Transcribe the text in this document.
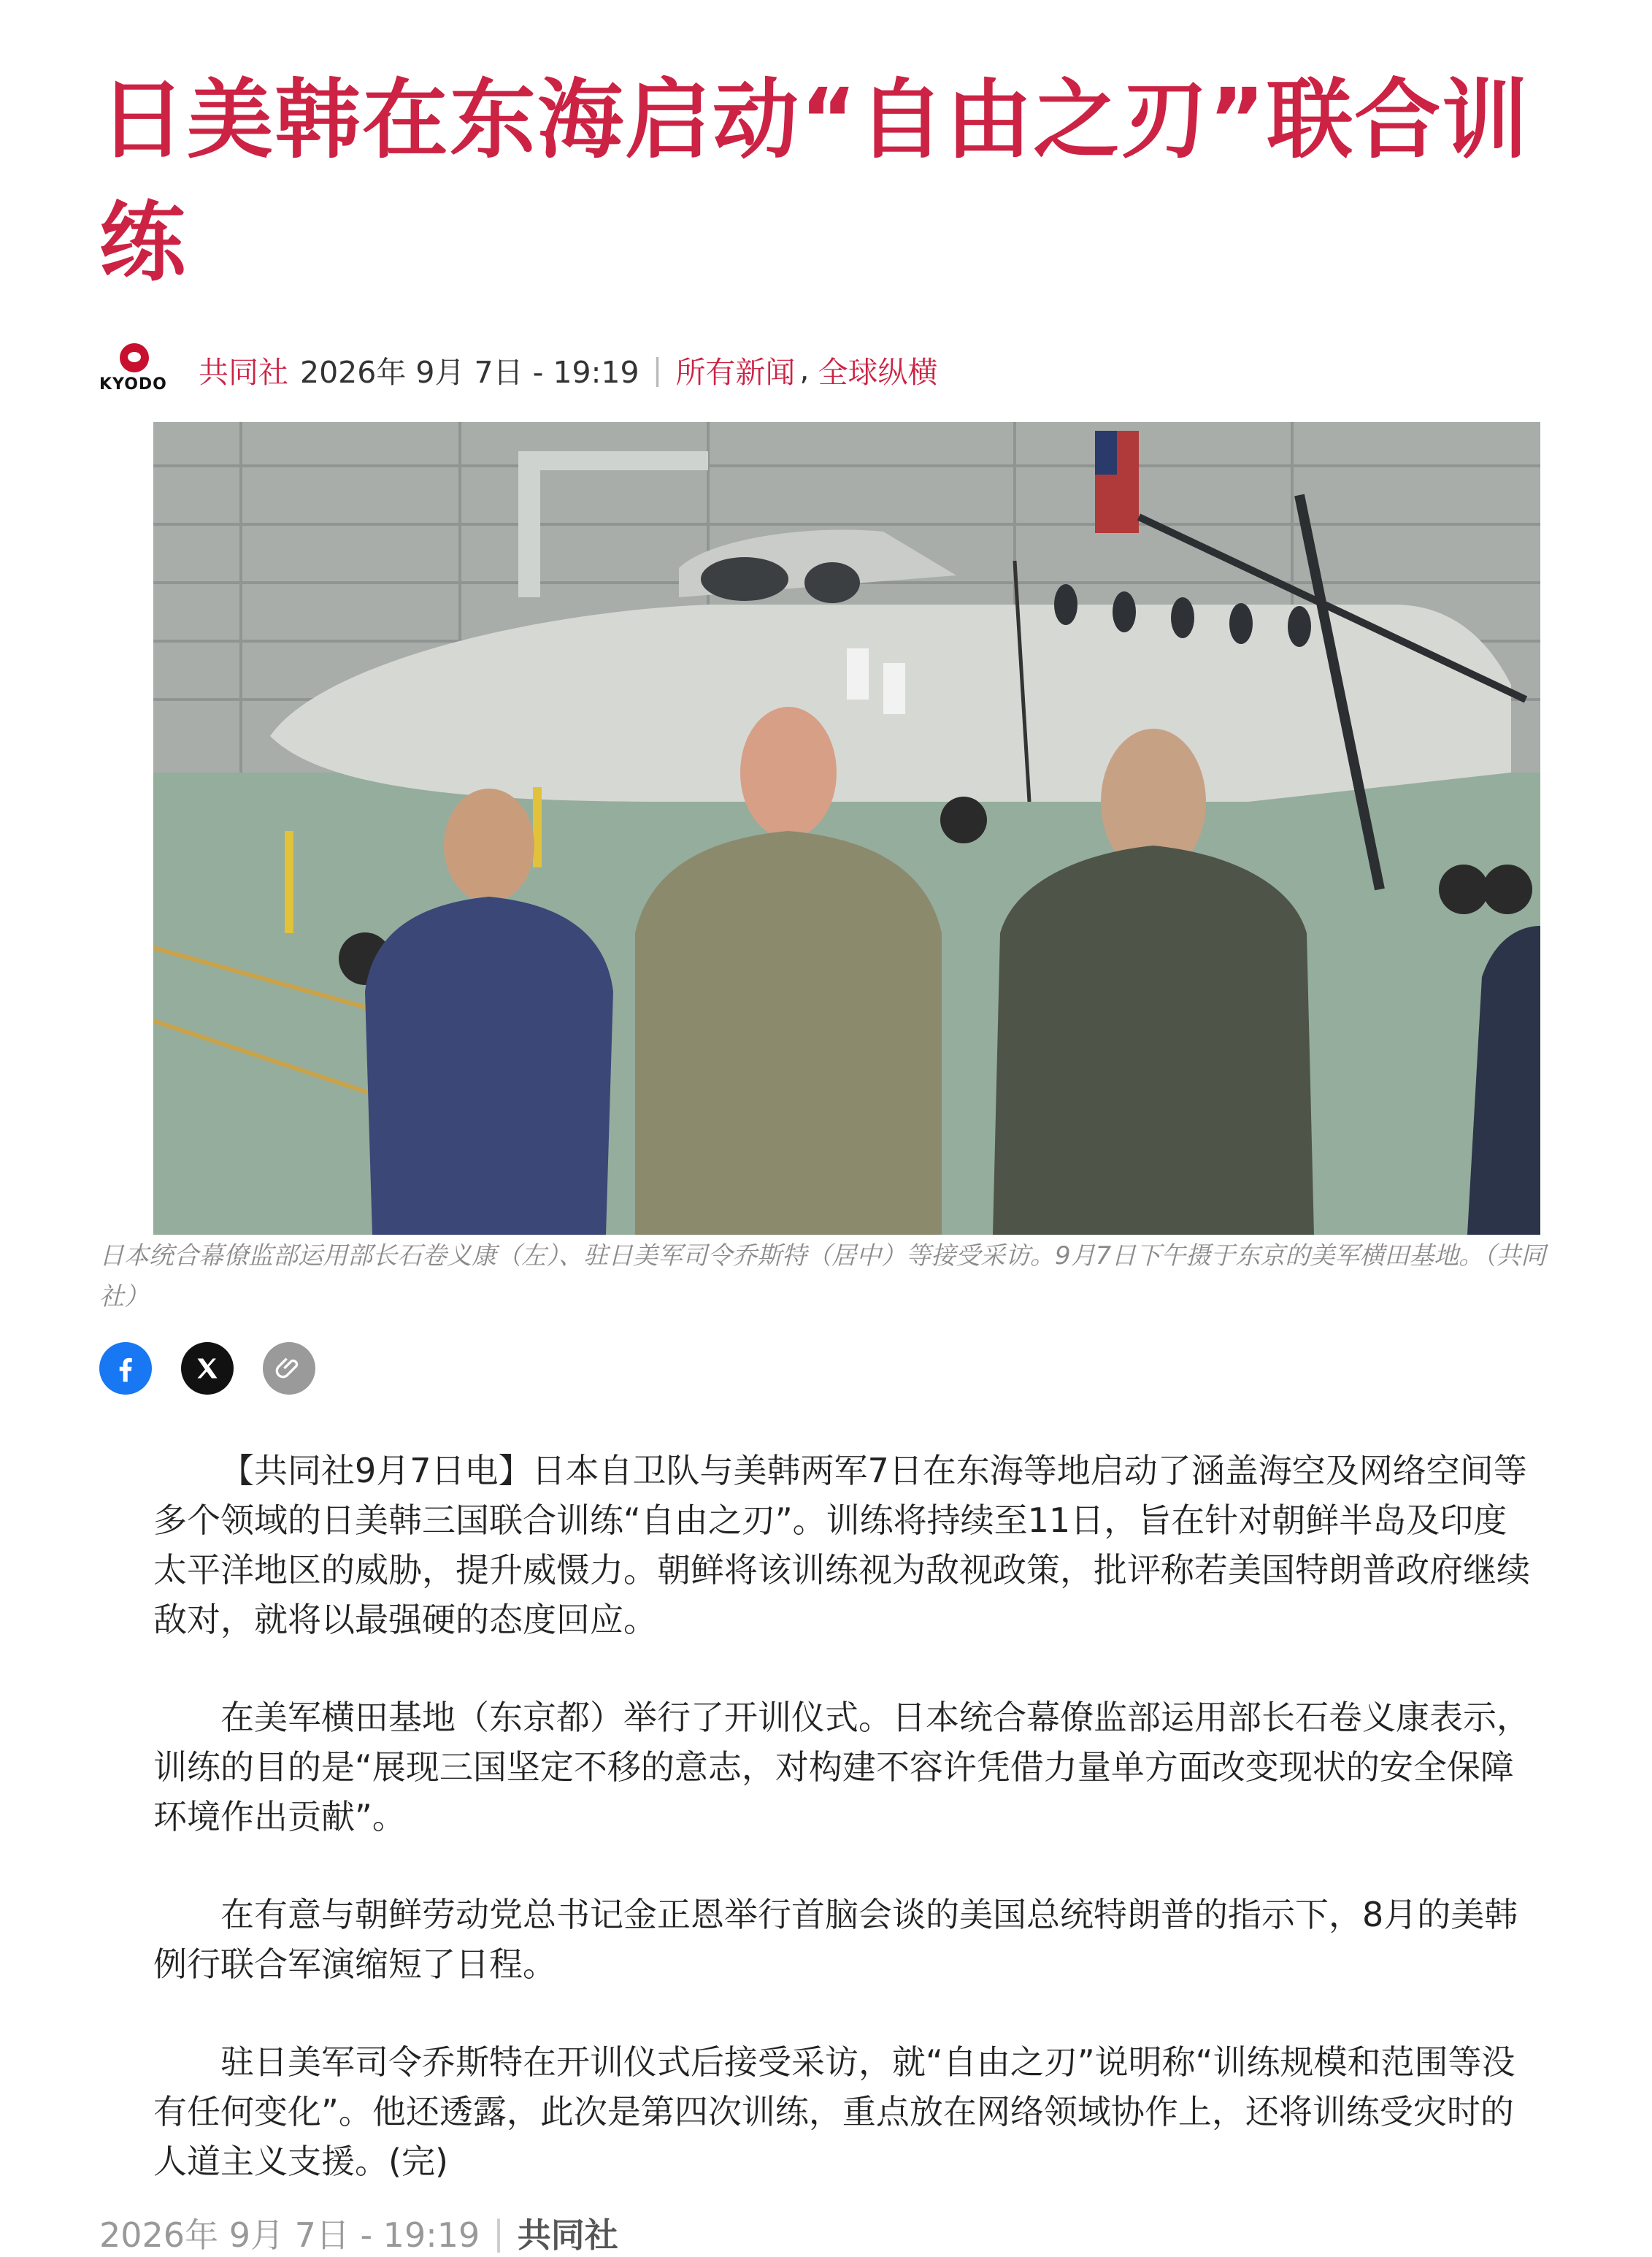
日美韩在东海启动“自由之刃”联合训练
KYODO 共同社 2026年 9月 7日 - 19:19 | 所有新闻 , 全球纵横
日本统合幕僚监部运用部长石卷义康（左）、驻日美军司令乔斯特（居中）等接受采访。9月7日下午摄于东京的美军横田基地。（共同社）

【共同社9月7日电】日本自卫队与美韩两军7日在东海等地启动了涵盖海空及网络空间等多个领域的日美韩三国联合训练“自由之刃”。训练将持续至11日，旨在针对朝鲜半岛及印度太平洋地区的威胁，提升威慑力。朝鲜将该训练视为敌视政策，批评称若美国特朗普政府继续敌对，就将以最强硬的态度回应。

在美军横田基地（东京都）举行了开训仪式。日本统合幕僚监部运用部长石卷义康表示，训练的目的是“展现三国坚定不移的意志，对构建不容许凭借力量单方面改变现状的安全保障环境作出贡献”。

在有意与朝鲜劳动党总书记金正恩举行首脑会谈的美国总统特朗普的指示下，8月的美韩例行联合军演缩短了日程。

驻日美军司令乔斯特在开训仪式后接受采访，就“自由之刃”说明称“训练规模和范围等没有任何变化”。他还透露，此次是第四次训练，重点放在网络领域协作上，还将训练受灾时的人道主义支援。(完)

2026年 9月 7日 - 19:19 | 共同社
